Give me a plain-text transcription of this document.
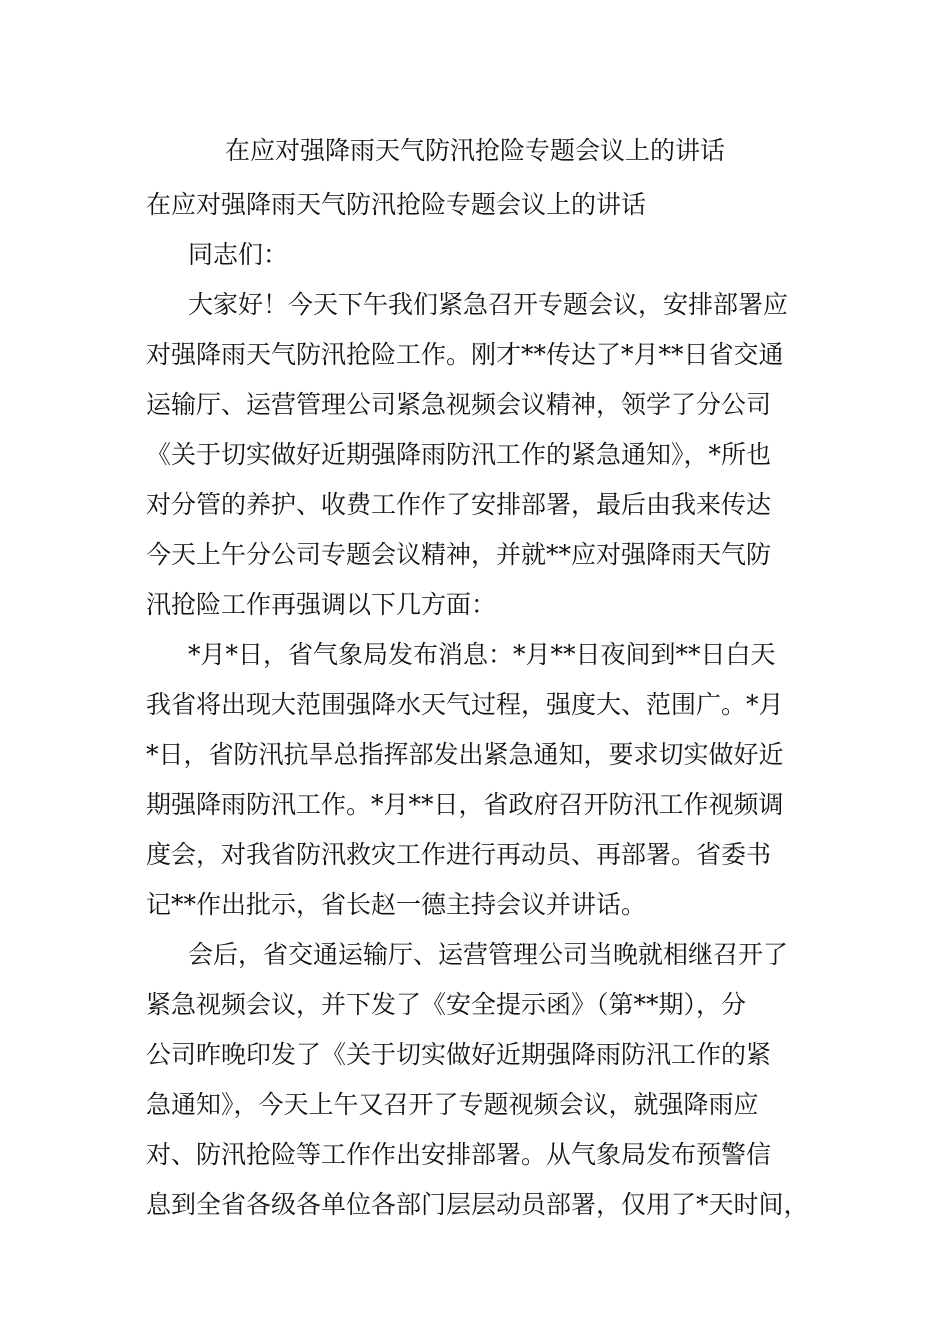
在应对强降雨天气防汛抢险专题会议上的讲话
在应对强降雨天气防汛抢险专题会议上的讲话
同志们：
大家好！今天下午我们紧急召开专题会议，安排部署应
对强降雨天气防汛抢险工作。刚才**传达了*月**日省交通
运输厅、运营管理公司紧急视频会议精神，领学了分公司
《关于切实做好近期强降雨防汛工作的紧急通知》，*所也
对分管的养护、收费工作作了安排部署，最后由我来传达
今天上午分公司专题会议精神，并就**应对强降雨天气防
汛抢险工作再强调以下几方面：
*月*日，省气象局发布消息：*月**日夜间到**日白天
我省将出现大范围强降水天气过程，强度大、范围广。*月
*日，省防汛抗旱总指挥部发出紧急通知，要求切实做好近
期强降雨防汛工作。*月**日，省政府召开防汛工作视频调
度会，对我省防汛救灾工作进行再动员、再部署。省委书
记**作出批示，省长赵一德主持会议并讲话。
会后，省交通运输厅、运营管理公司当晚就相继召开了
紧急视频会议，并下发了《安全提示函》（第**期），分
公司昨晚印发了《关于切实做好近期强降雨防汛工作的紧
急通知》，今天上午又召开了专题视频会议，就强降雨应
对、防汛抢险等工作作出安排部署。从气象局发布预警信
息到全省各级各单位各部门层层动员部署，仅用了*天时间，
